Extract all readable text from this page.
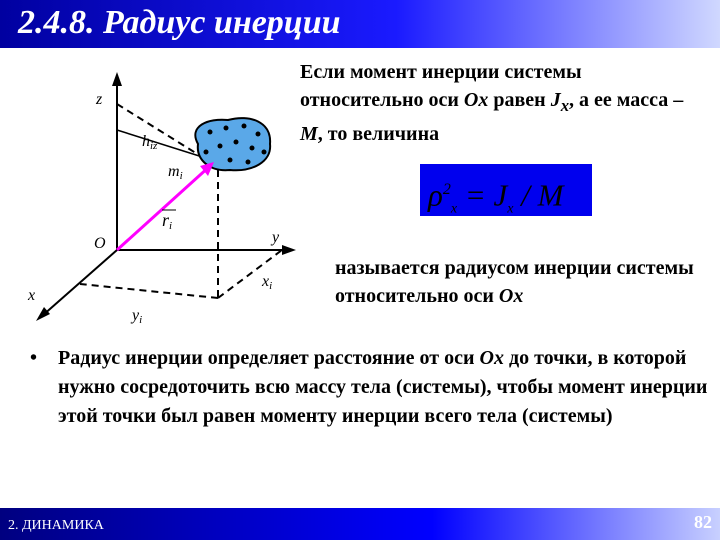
2.4.8. Радиус инерции
z
hiz
mi
ri
O	y
x
xi
yi
Если момент инерции системы относительно оси Ox равен $J_x$, а ее масса – M, то величина
$\rho^2_x = J_x / M$
называется радиусом инерции системы относительно оси Ox
• Радиус инерции определяет расстояние от оси Ox до точки, в которой нужно сосредоточить всю массу тела (системы), чтобы момент инерции этой точки был равен моменту инерции всего тела (системы)
2. ДИНАМИКА	82
